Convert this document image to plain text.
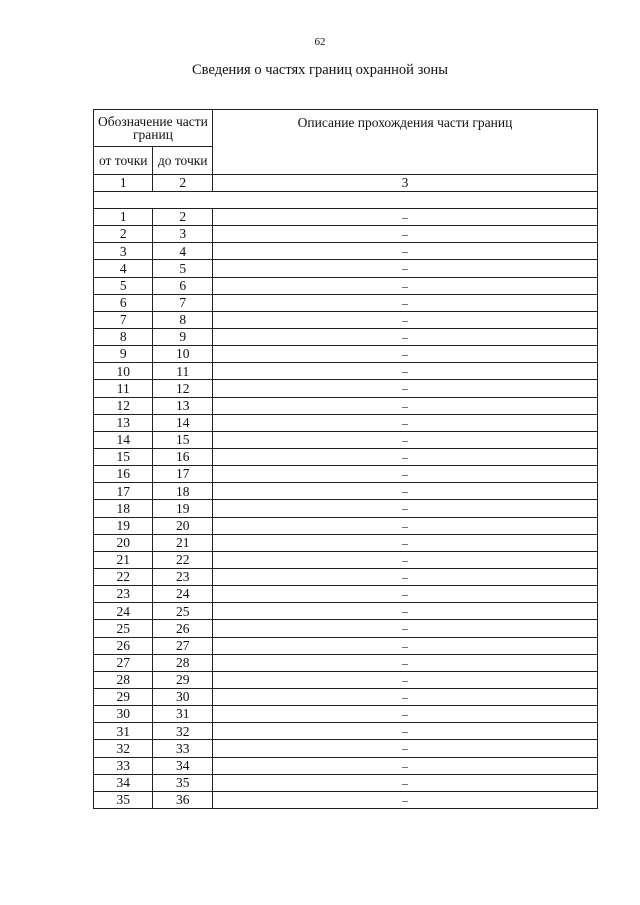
62
Сведения о частях границ охранной зоны
Обозначение части границ		Описание прохождения части границ
от точки	до точки	
1	2	3

1	2	–
2	3	–
3	4	–
4	5	–
5	6	–
6	7	–
7	8	–
8	9	–
9	10	–
10	11	–
11	12	–
12	13	–
13	14	–
14	15	–
15	16	–
16	17	–
17	18	–
18	19	–
19	20	–
20	21	–
21	22	–
22	23	–
23	24	–
24	25	–
25	26	–
26	27	–
27	28	–
28	29	–
29	30	–
30	31	–
31	32	–
32	33	–
33	34	–
34	35	–
35	36	–
